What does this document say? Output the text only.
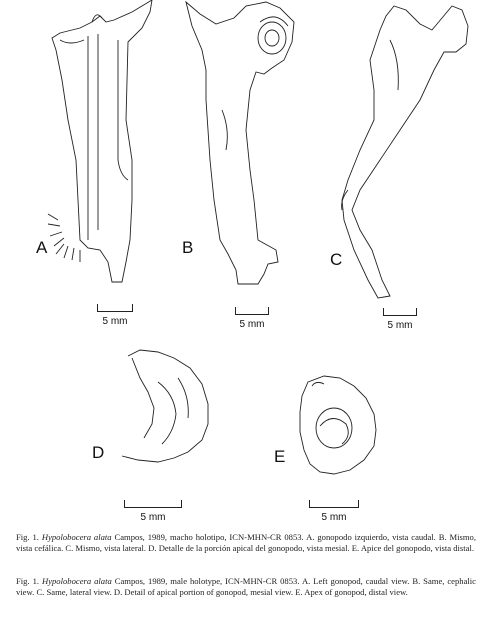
A	B
C
D	E
5 mm	5 mm	5 mm
5 mm	5 mm
Fig. 1. Hypolobocera alata Campos, 1989, macho holotipo, ICN-MHN-CR 0853. A. gonopodo izquierdo, vista caudal. B. Mismo, vista cefálica. C. Mismo, vista lateral. D. Detalle de la porción apical del gonopodo, vista mesial. E. Apice del gonopodo, vista distal.
Fig. 1. Hypolobocera alata Campos, 1989, male holotype, ICN-MHN-CR 0853. A. Left gonopod, caudal view. B. Same, cephalic view. C. Same, lateral view. D. Detail of apical portion of gonopod, mesial view. E. Apex of gonopod, distal view.
